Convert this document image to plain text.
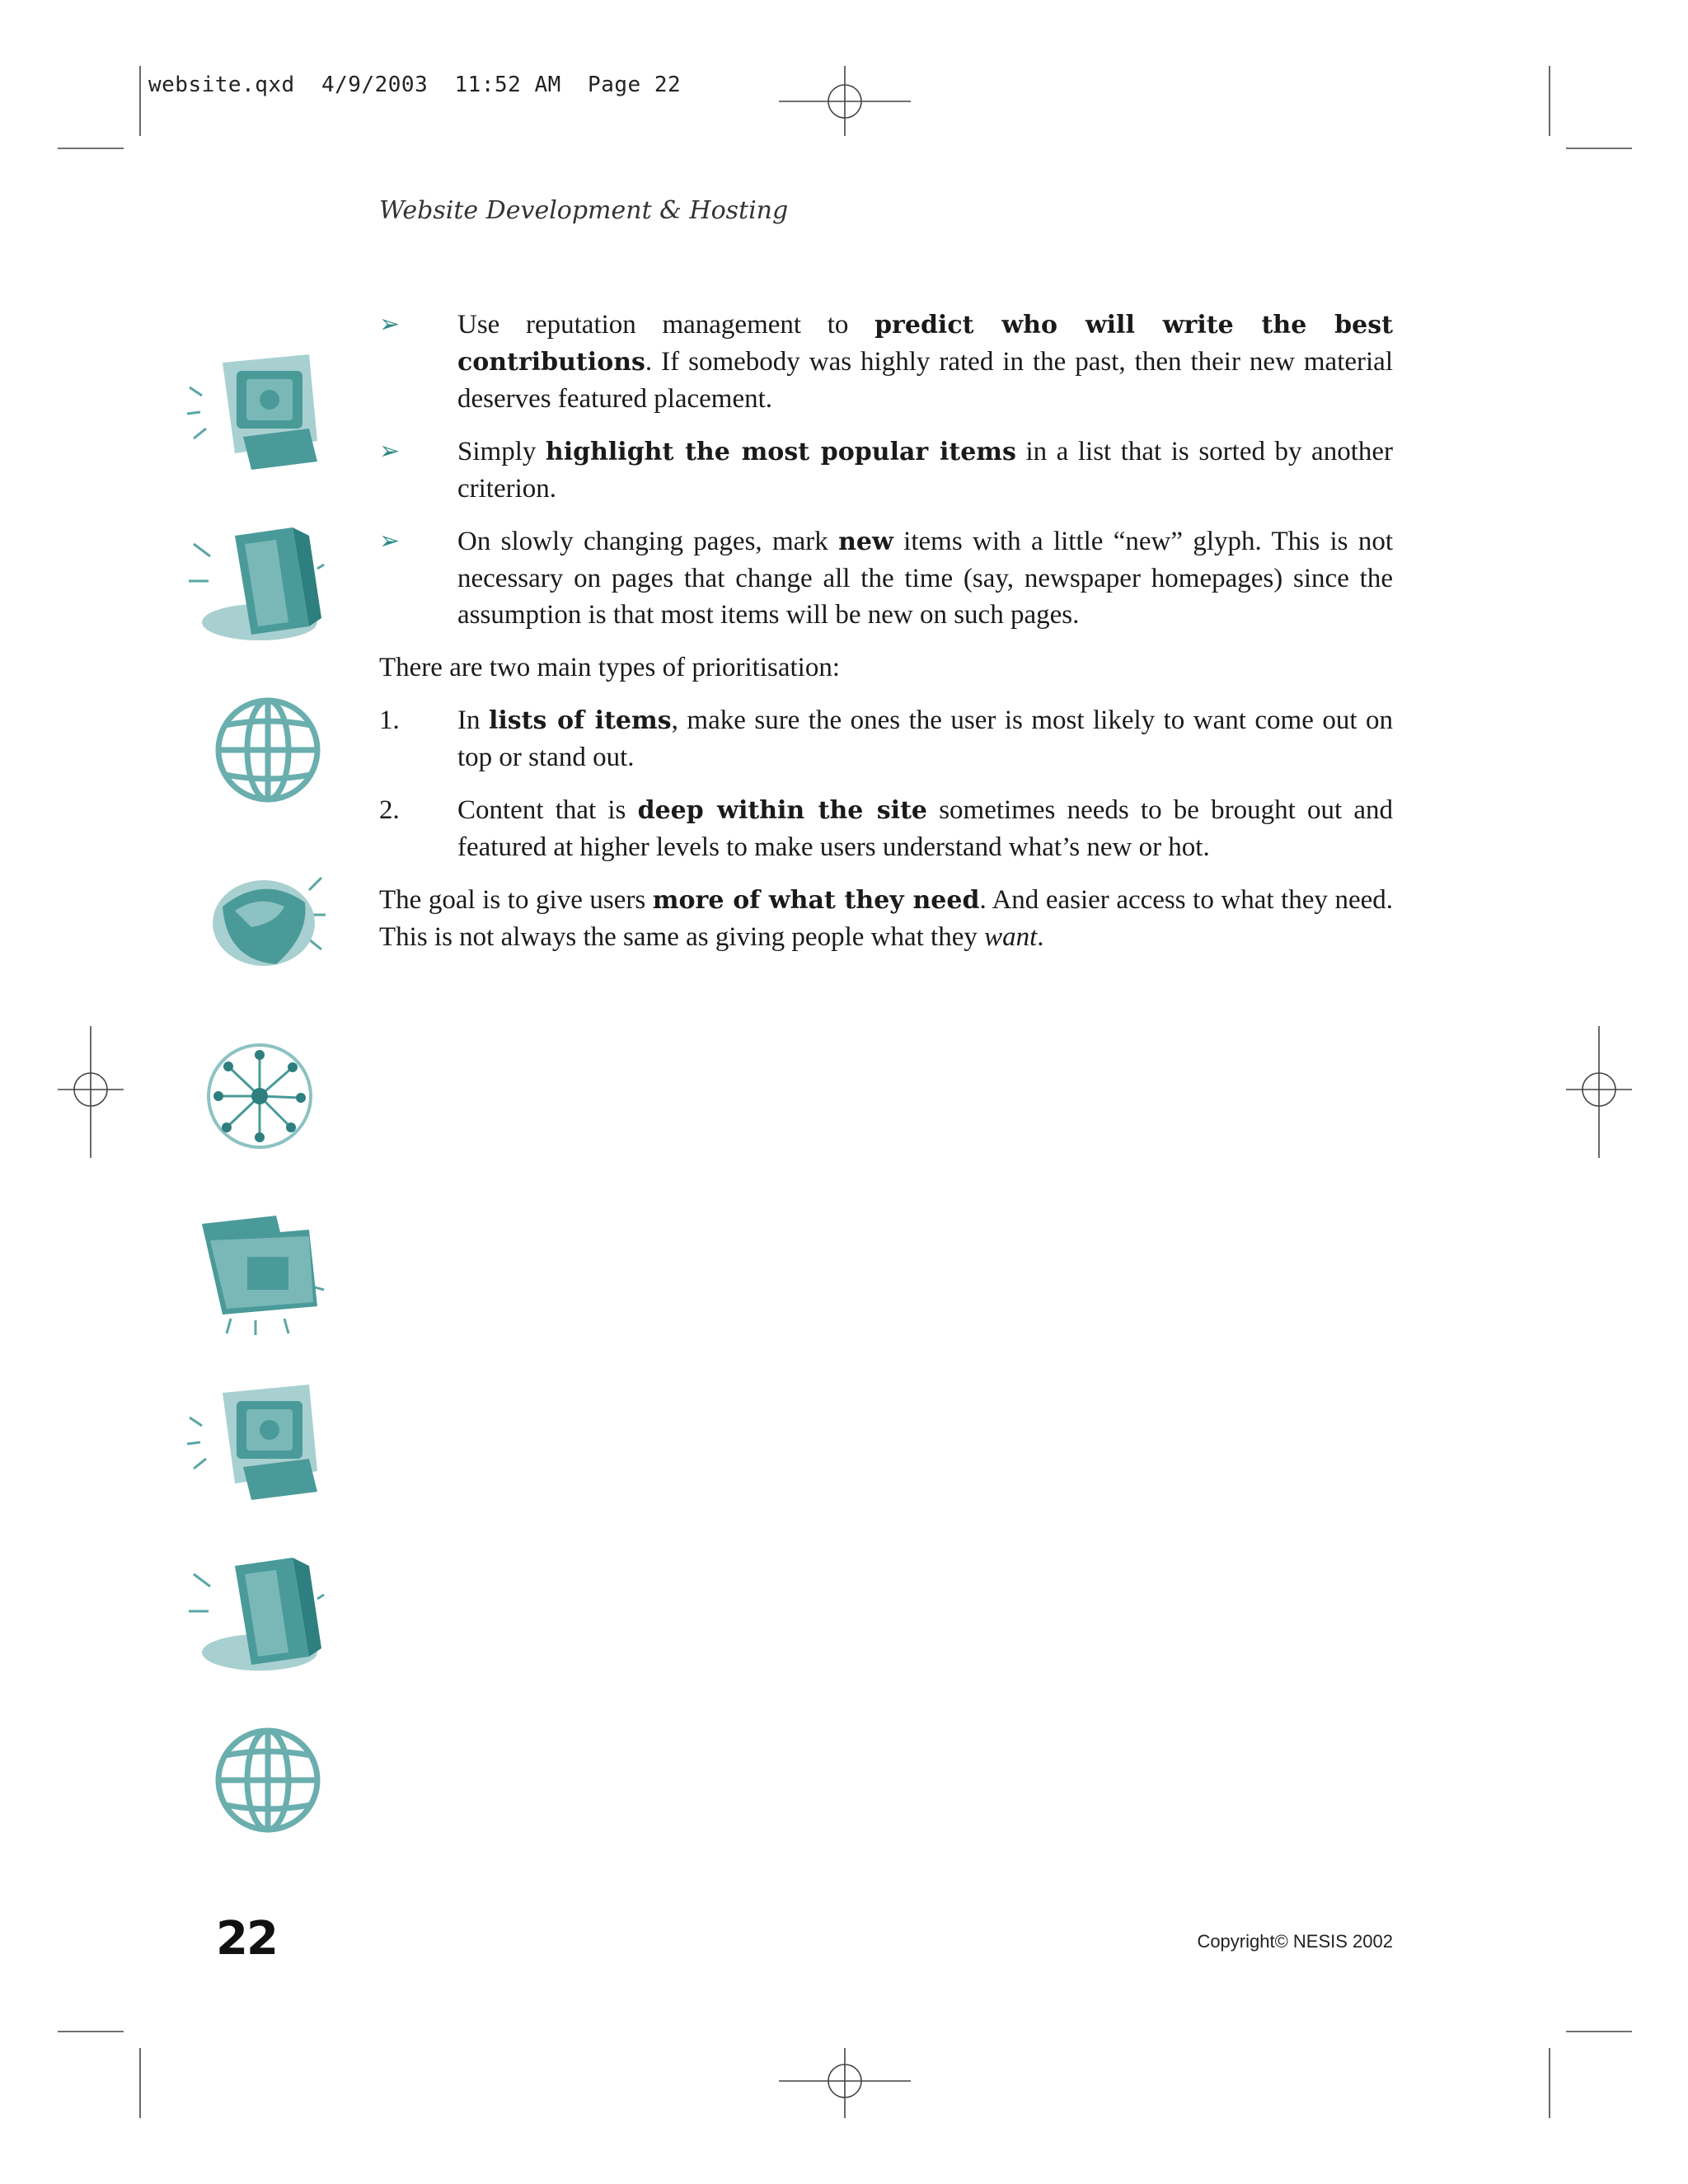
website.qxd  4/9/2003  11:52 AM  Page 22
Website Development & Hosting
➢	Use reputation management to predict who will write the best contributions. If somebody was highly rated in the past, then their new material deserves featured placement.
➢	Simply highlight the most popular items in a list that is sorted by another criterion.
➢	On slowly changing pages, mark new items with a little “new” glyph. This is not necessary on pages that change all the time (say, newspaper homepages) since the assumption is that most items will be new on such pages.

There are two main types of prioritisation:

1.	In lists of items, make sure the ones the user is most likely to want come out on top or stand out.
2.	Content that is deep within the site sometimes needs to be brought out and featured at higher levels to make users understand what’s new or hot.

The goal is to give users more of what they need. And easier access to what they need. This is not always the same as giving people what they want.

22	Copyright© NESIS 2002
